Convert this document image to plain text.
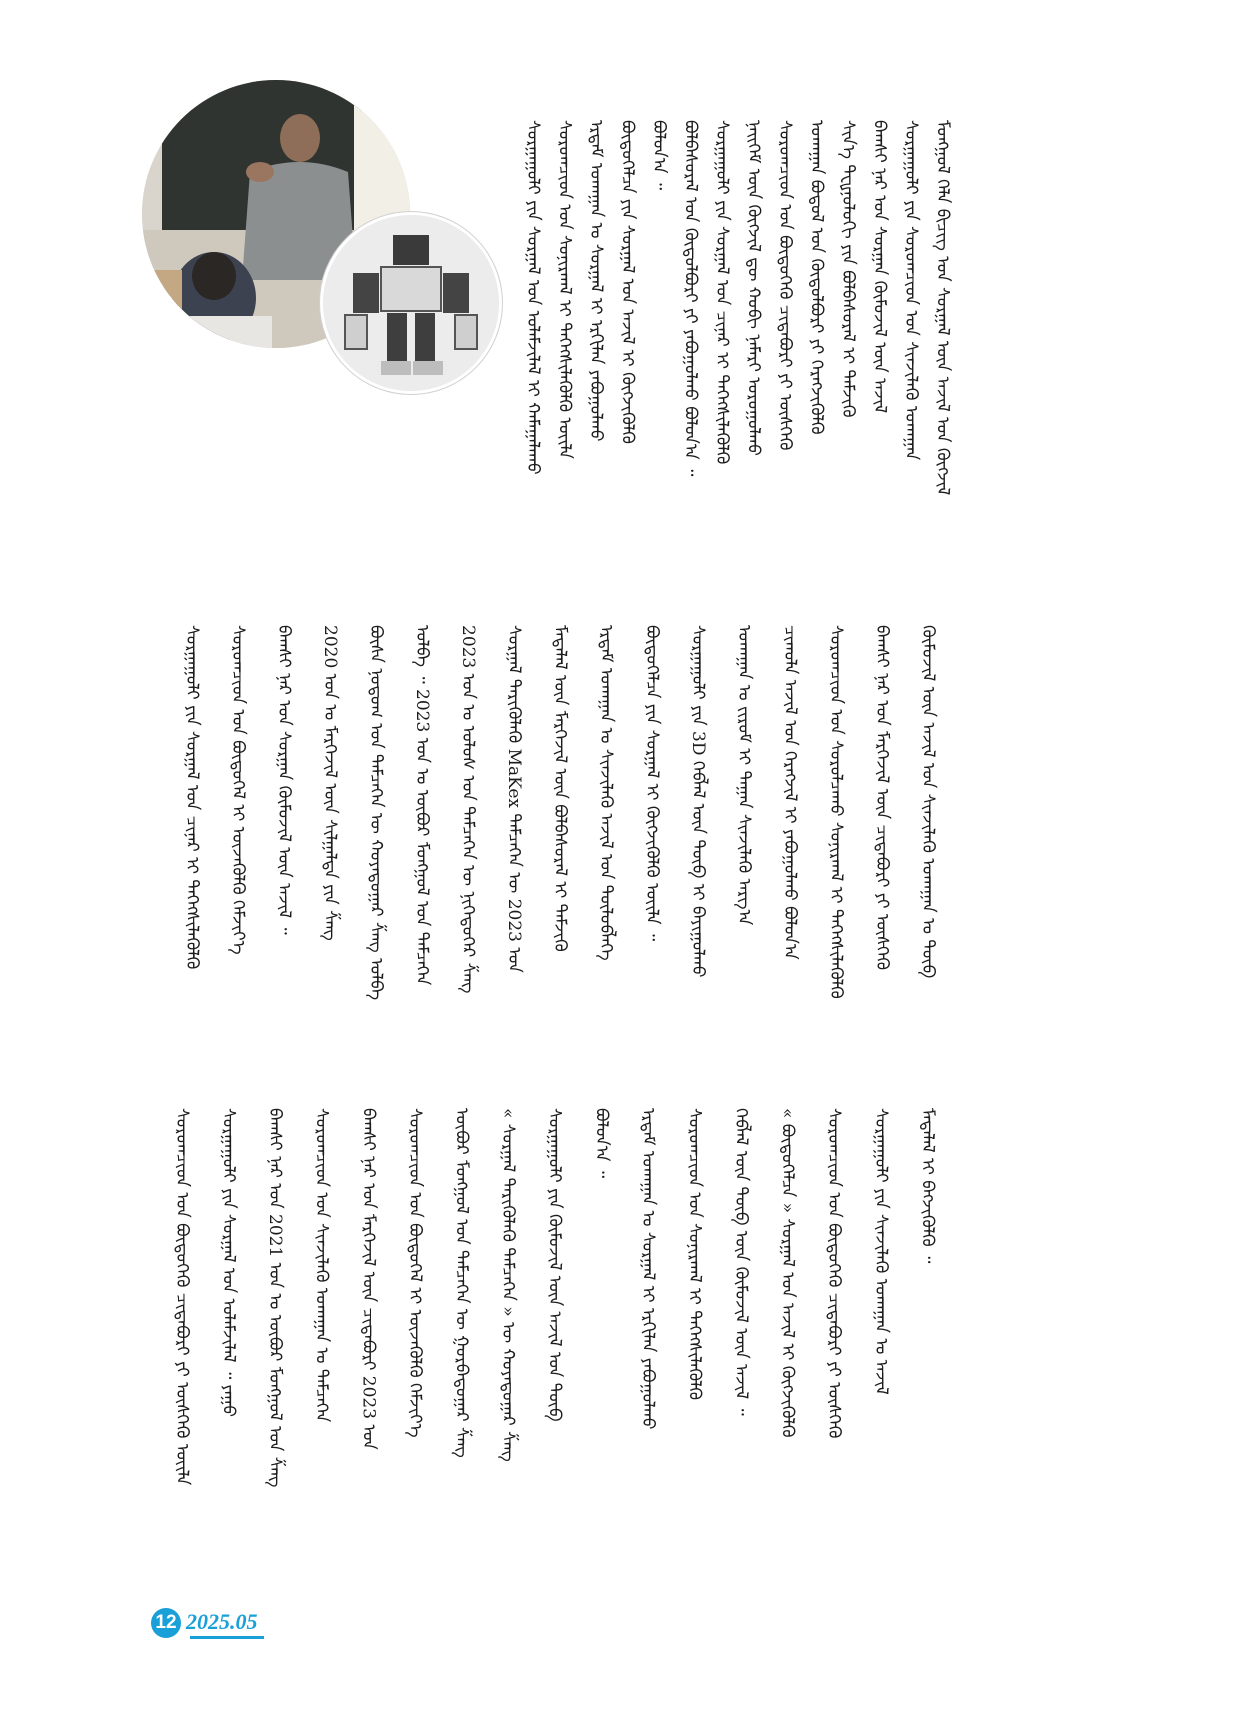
ᠮᠣᠩᠭᠣᠯ ᠬᠡᠯᠡ ᠪᠢᠴᠢᠭ ᠤᠨ ᠰᠤᠷᠭᠠᠯ ᠦᠨ ᠠᠵᠢᠯ ᠤᠨ ᠬᠥᠭᠵᠢᠯ
ᠰᠤᠷᠭᠠᠭᠤᠯᠢ ᠶᠢᠨ ᠰᠤᠷᠤᠭᠴᠢᠳ ᠤᠨ ᠰᠢᠨᠵᠢᠯᠡᠬᠦ ᠤᠬᠠᠭᠠᠨ
ᠪᠠᠭᠰᠢ ᠨᠠᠷ ᠤᠨ ᠰᠤᠷᠭᠠᠨ ᠬᠦᠮᠦᠵᠢᠯ ᠦᠨ ᠠᠵᠢᠯ
ᠰᠢᠨ᠎ᠡ ᠲᠧᠾᠨᠣᠯᠣᠭᠢ ᠶᠢᠨ ᠪᠣᠯᠪᠠᠰᠤᠷᠠᠯ ᠢ ᠳᠡᠮᠵᠢᠬᠦ
ᠤᠬᠠᠭᠠᠨ ᠪᠣᠳᠤᠯ ᠤᠨ ᠬᠥᠲᠥᠯᠪᠦᠷᠢ ᠶᠢ ᠬᠡᠷᠡᠭᠵᠢᠭᠦᠯᠬᠦ
ᠰᠤᠷᠤᠭᠴᠢᠳ ᠤᠨ ᠪᠦᠲᠦᠭᠡᠬᠦ ᠴᠢᠳᠠᠪᠤᠷᠢ ᠶᠢ ᠥᠰᠬᠡᠬᠦ
ᠨᠡᠢᠭᠡᠮ ᠦᠨ ᠬᠥᠭᠵᠢᠯ ᠳᠦ ᠬᠤᠪᠢ ᠨᠡᠮᠡᠷᠢ ᠣᠷᠣᠭᠤᠯᠬᠤ
ᠰᠤᠷᠭᠠᠭᠤᠯᠢ ᠶᠢᠨ ᠰᠤᠷᠭᠠᠯ ᠤᠨ ᠴᠢᠨᠠᠷ ᠢ ᠳᠡᠭᠡᠭᠰᠢᠯᠡᠭᠦᠯᠬᠦ
ᠪᠣᠯᠪᠠᠰᠤᠷᠠᠯ ᠤᠨ ᠬᠥᠲᠥᠯᠪᠦᠷᠢ ᠶᠢ ᠶᠠᠪᠤᠭᠤᠯᠬᠤ ᠪᠣᠯᠤᠨ᠎ᠠ ᠃
ᠪᠣᠯᠤᠨ᠎ᠠ ᠃
ᠪᠦᠲᠦᠭᠡᠯᠴᠡ ᠶᠢᠨ ᠰᠤᠷᠭᠠᠯ ᠤᠨ ᠠᠵᠢᠯ ᠢ ᠬᠥᠭᠵᠢᠭᠦᠯᠬᠦ
ᠡᠷᠳᠡᠮ ᠤᠬᠠᠭᠠᠨ ᠤ ᠰᠤᠷᠭᠠᠯ ᠢ ᠡᠷᠬᠢᠯᠡᠨ ᠶᠠᠪᠤᠭᠤᠯᠬᠤ
ᠰᠤᠷᠤᠭᠴᠢᠳ ᠤᠨ ᠰᠤᠨᠢᠷᠬᠠᠯ ᠢ ᠳᠡᠭᠡᠭᠰᠢᠯᠡᠭᠦᠯᠬᠦ ᠦᠢᠯᠡ
ᠰᠤᠷᠭᠠᠭᠤᠯᠢ ᠶᠢᠨ ᠰᠤᠷᠭᠠᠯ ᠤᠨ ᠤᠯᠠᠮᠵᠢᠯᠠᠯ ᠢ ᠬᠠᠮᠠᠭᠠᠯᠠᠬᠤ
ᠬᠦᠮᠦᠵᠢᠯ ᠦᠨ ᠠᠵᠢᠯ ᠤᠨ ᠰᠢᠨᠵᠢᠯᠡᠬᠦ ᠤᠬᠠᠭᠠᠨ ᠤ ᠲᠥᠪ
ᠪᠠᠭᠰᠢ ᠨᠠᠷ ᠤᠨ ᠮᠡᠷᠭᠡᠵᠢᠯ ᠦᠨ ᠴᠢᠳᠠᠪᠤᠷᠢ ᠶᠢ ᠥᠰᠬᠡᠬᠦ
ᠰᠤᠷᠤᠭᠴᠢᠳ ᠤᠨ ᠰᠤᠷᠤᠯᠴᠠᠬᠤ ᠰᠣᠨᠢᠷᠬᠠᠯ ᠢ ᠳᠡᠭᠡᠭᠰᠢᠯᠡᠭᠦᠯᠬᠦ
ᠴᠢᠬᠤᠯᠠ ᠠᠵᠢᠯ ᠤᠨ ᠬᠡᠷᠡᠭᠵᠢᠯ ᠢ ᠶᠠᠪᠤᠭᠤᠯᠬᠤ ᠪᠣᠯᠤᠨ᠎ᠠ
ᠤᠬᠠᠭᠠᠨ ᠤ ᠵᠢᠷᠤᠮ ᠢ ᠳᠠᠭᠠᠨ ᠰᠢᠨᠵᠢᠯᠡᠬᠦ ᠠᠷᠭ᠎ᠠ
ᠰᠤᠷᠭᠠᠭᠤᠯᠢ ᠶᠢᠨ 3D ᠬᠡᠪᠯᠡᠯ ᠦᠨ ᠲᠥᠪ ᠢ ᠪᠠᠶᠢᠭᠤᠯᠬᠤ
ᠪᠦᠲᠦᠭᠡᠯᠴᠡ ᠶᠢᠨ ᠰᠤᠷᠭᠠᠯ ᠢ ᠬᠥᠭᠵᠢᠭᠦᠯᠬᠦ ᠦᠢᠯᠡ ᠃
ᠡᠷᠳᠡᠮ ᠤᠬᠠᠭᠠᠨ ᠤ ᠰᠢᠨᠵᠢᠯᠡᠬᠦ ᠠᠵᠢᠯ ᠤᠨ ᠲᠥᠯᠦᠪᠯᠡᠭᠡ
ᠮᠡᠳᠡᠯᠡᠯ ᠦᠨ ᠮᠡᠷᠭᠡᠵᠢᠯ ᠦᠨ ᠪᠣᠯᠪᠠᠰᠤᠷᠠᠯ ᠢ ᠳᠡᠮᠵᠢᠬᠦ
ᠰᠤᠷᠭᠠᠯ ᠲᠡᠷᠢᠭᠦᠯᠡᠬᠦ MaKex ᠲᠡᠮᠴᠡᠭᠡᠨ ᠦ 2023 ᠣᠨ
2023 ᠣᠨ ᠤ ᠤᠯᠤᠰ ᠤᠨ ᠲᠡᠮᠴᠡᠭᠡᠨ ᠦ ᠨᠢᠭᠡᠳᠦᠭᠡᠷ ᠱᠠᠩ
ᠣᠯᠪᠠ ᠃ 2023 ᠣᠨ ᠤ ᠥᠪᠥᠷ ᠮᠣᠩᠭᠣᠯ ᠤᠨ ᠲᠡᠮᠴᠡᠭᠡᠨ
ᠪᠦᠰᠡ ᠨᠤᠲᠤᠭ ᠤᠨ ᠲᠡᠮᠴᠡᠭᠡᠨ ᠦ ᠬᠣᠶᠠᠳᠤᠭᠠᠷ ᠱᠠᠩ ᠣᠯᠪᠠ
2020 ᠣᠨ ᠤ ᠮᠡᠷᠭᠡᠵᠢᠯ ᠦᠨ ᠰᠢᠯᠭᠠᠯᠲᠠ ᠶᠢᠨ ᠱᠠᠩ
ᠪᠠᠭᠰᠢ ᠨᠠᠷ ᠤᠨ ᠰᠤᠷᠭᠠᠨ ᠬᠦᠮᠦᠵᠢᠯ ᠦᠨ ᠠᠵᠢᠯ ᠃
ᠰᠤᠷᠤᠭᠴᠢᠳ ᠤᠨ ᠪᠦᠲᠦᠭᠡᠯ ᠢ ᠦᠵᠡᠭᠦᠯᠬᠦ ᠬᠡᠮᠵᠢᠶ᠎ᠡ
ᠰᠤᠷᠭᠠᠭᠤᠯᠢ ᠶᠢᠨ ᠰᠤᠷᠭᠠᠯ ᠤᠨ ᠴᠢᠨᠠᠷ ᠢ ᠳᠡᠭᠡᠭᠰᠢᠯᠡᠭᠦᠯᠬᠦ
ᠮᠡᠳᠡᠯᠡᠯ ᠢ ᠪᠡᠬᠵᠢᠭᠦᠯᠬᠦ ᠃
ᠰᠤᠷᠭᠠᠭᠤᠯᠢ ᠶᠢᠨ ᠰᠢᠨᠵᠢᠯᠡᠬᠦ ᠤᠬᠠᠭᠠᠨ ᠤ ᠠᠵᠢᠯ
ᠰᠤᠷᠤᠭᠴᠢᠳ ᠤᠨ ᠪᠦᠲᠦᠭᠡᠬᠦ ᠴᠢᠳᠠᠪᠤᠷᠢ ᠶᠢ ᠥᠰᠬᠡᠬᠦ
« ᠪᠦᠲᠦᠭᠡᠯᠴᠡ » ᠰᠤᠷᠭᠠᠯ ᠤᠨ ᠠᠵᠢᠯ ᠢ ᠬᠥᠭᠵᠢᠭᠦᠯᠬᠦ
ᠬᠡᠪᠯᠡᠯ ᠦᠨ ᠲᠥᠪ ᠦᠨ ᠬᠦᠮᠦᠵᠢᠯ ᠦᠨ ᠠᠵᠢᠯ ᠃
ᠰᠤᠷᠤᠭᠴᠢᠳ ᠤᠨ ᠰᠤᠨᠢᠷᠬᠠᠯ ᠢ ᠳᠡᠭᠡᠭᠰᠢᠯᠡᠭᠦᠯᠬᠦ
ᠡᠷᠳᠡᠮ ᠤᠬᠠᠭᠠᠨ ᠤ ᠰᠤᠷᠭᠠᠯ ᠢ ᠡᠷᠬᠢᠯᠡᠨ ᠶᠠᠪᠤᠭᠤᠯᠬᠤ
ᠪᠣᠯᠤᠨ᠎ᠠ ᠃
ᠰᠤᠷᠭᠠᠭᠤᠯᠢ ᠶᠢᠨ ᠬᠦᠮᠦᠵᠢᠯ ᠦᠨ ᠠᠵᠢᠯ ᠤᠨ ᠲᠥᠪ
« ᠰᠤᠷᠭᠠᠯ ᠲᠡᠷᠢᠭᠦᠯᠡᠬᠦ ᠲᠡᠮᠴᠡᠭᠡᠨ » ᠦ ᠬᠣᠶᠠᠳᠤᠭᠠᠷ ᠱᠠᠩ
ᠥᠪᠥᠷ ᠮᠣᠩᠭᠣᠯ ᠤᠨ ᠲᠡᠮᠴᠡᠭᠡᠨ ᠦ ᠭᠤᠷᠪᠠᠳᠤᠭᠠᠷ ᠱᠠᠩ
ᠰᠤᠷᠤᠭᠴᠢᠳ ᠤᠨ ᠪᠦᠲᠦᠭᠡᠯ ᠢ ᠦᠵᠡᠭᠦᠯᠬᠦ ᠬᠡᠮᠵᠢᠶ᠎ᠡ
ᠪᠠᠭᠰᠢ ᠨᠠᠷ ᠤᠨ ᠮᠡᠷᠭᠡᠵᠢᠯ ᠦᠨ ᠴᠢᠳᠠᠪᠤᠷᠢ 2023 ᠣᠨ
ᠰᠤᠷᠤᠭᠴᠢᠳ ᠤᠨ ᠰᠢᠨᠵᠢᠯᠡᠬᠦ ᠤᠬᠠᠭᠠᠨ ᠤ ᠲᠡᠮᠴᠡᠭᠡᠨ
ᠪᠠᠭᠰᠢ ᠨᠠᠷ ᠤᠨ 2021 ᠣᠨ ᠤ ᠥᠪᠥᠷ ᠮᠣᠩᠭᠣᠯ ᠤᠨ ᠱᠠᠩ
ᠰᠤᠷᠭᠠᠭᠤᠯᠢ ᠶᠢᠨ ᠰᠤᠷᠭᠠᠯ ᠤᠨ ᠤᠯᠠᠮᠵᠢᠯᠠᠯ ᠃ ᠶᠠᠭᠤ
ᠰᠤᠷᠤᠭᠴᠢᠳ ᠤᠨ ᠪᠦᠲᠦᠭᠡᠬᠦ ᠴᠢᠳᠠᠪᠤᠷᠢ ᠶᠢ ᠥᠰᠬᠡᠬᠦ ᠦᠢᠯᠡ
12 2025.05
